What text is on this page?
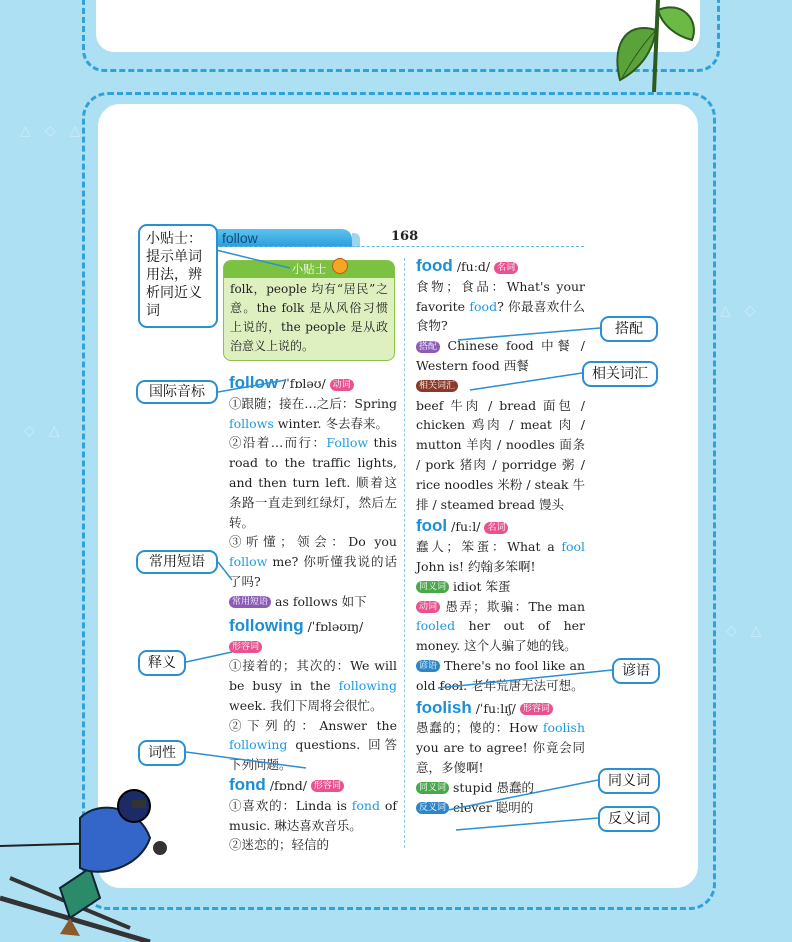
△　◇　△
◇　△
△　◇
◇　△
follow	168
小贴士

folk，people 均有“居民”之意。the folk 是从风俗习惯上说的，the people 是从政治意义上说的。

follow /ˈfɒləʊ/ 动词

①跟随；接在…之后：Spring follows winter. 冬去春来。

②沿着…而行：Follow this road to the traffic lights, and then turn left. 顺着这条路一直走到红绿灯，然后左转。

③听懂；领会：Do you follow me? 你听懂我说的话了吗?

常用短语 as follows 如下

following /ˈfɒləʊɪŋ/

形容词

①接着的；其次的：We will be busy in the following week. 我们下周将会很忙。

②下列的：Answer the following questions. 回答下列问题。

fond /fɒnd/ 形容词

①喜欢的：Linda is fond of music. 琳达喜欢音乐。

②迷恋的；轻信的

food /fuːd/ 名词

食物；食品：What's your favorite food? 你最喜欢什么食物?

搭配 Chinese food 中餐 / Western food 西餐

相关词汇

beef 牛肉 / bread 面包 / chicken 鸡肉 / meat 肉 / mutton 羊肉 / noodles 面条 / pork 猪肉 / porridge 粥 / rice noodles 米粉 / steak 牛排 / steamed bread 馒头

fool /fuːl/ 名词

蠢人；笨蛋：What a fool John is! 约翰多笨啊!

同义词 idiot 笨蛋

动词 愚弄；欺骗：The man fooled her out of her money. 这个人骗了她的钱。

谚语 There's no fool like an old fool. 老年荒唐无法可想。

foolish /ˈfuːlɪʃ/ 形容词

愚蠢的；傻的：How foolish you are to agree! 你竟会同意，多傻啊!

同义词 stupid 愚蠢的

反义词 clever 聪明的

小贴士：提示单词用法，辨析同近义词
国际音标
常用短语
释义
词性
搭配
相关词汇
谚语
同义词
反义词
